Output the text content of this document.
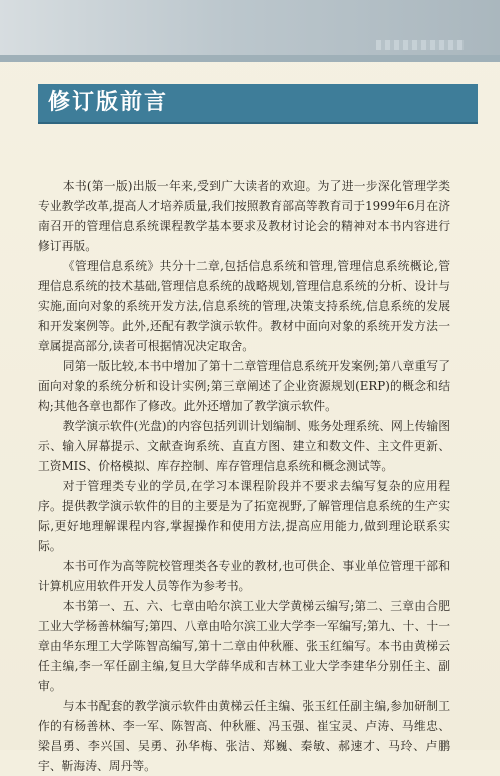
修订版前言

本书(第一版)出版一年来,受到广大读者的欢迎。为了进一步深化管理学类专业教学改革,提高人才培养质量,我们按照教育部高等教育司于1999年6月在济南召开的管理信息系统课程教学基本要求及教材讨论会的精神对本书内容进行修订再版。

《管理信息系统》共分十二章,包括信息系统和管理,管理信息系统概论,管理信息系统的技术基础,管理信息系统的战略规划,管理信息系统的分析、设计与实施,面向对象的系统开发方法,信息系统的管理,决策支持系统,信息系统的发展和开发案例等。此外,还配有教学演示软件。教材中面向对象的系统开发方法一章属提高部分,读者可根据情况决定取舍。

同第一版比较,本书中增加了第十二章管理信息系统开发案例;第八章重写了面向对象的系统分析和设计实例;第三章阐述了企业资源规划(ERP)的概念和结构;其他各章也都作了修改。此外还增加了教学演示软件。

教学演示软件(光盘)的内容包括列训计划编制、账务处理系统、网上传输图示、输入屏幕提示、文献查询系统、直直方图、建立和数文件、主文件更新、工资MIS、价格模拟、库存控制、库存管理信息系统和概念测试等。

对于管理类专业的学员,在学习本课程阶段并不要求去编写复杂的应用程序。提供教学演示软件的目的主要是为了拓宽视野,了解管理信息系统的生产实际,更好地理解课程内容,掌握操作和使用方法,提高应用能力,做到理论联系实际。

本书可作为高等院校管理类各专业的教材,也可供企、事业单位管理干部和计算机应用软件开发人员等作为参考书。

本书第一、五、六、七章由哈尔滨工业大学黄梯云编写;第二、三章由合肥工业大学杨善林编写;第四、八章由哈尔滨工业大学李一军编写;第九、十、十一章由华东理工大学陈智高编写,第十二章由仲秋雁、张玉红编写。本书由黄梯云任主编,李一军任副主编,复旦大学薛华成和吉林工业大学李建华分别任主、副审。

与本书配套的教学演示软件由黄梯云任主编、张玉红任副主编,参加研制工作的有杨善林、李一军、陈智高、仲秋雁、冯玉强、崔宝灵、卢涛、马维忠、梁昌勇、李兴国、吴勇、孙华梅、张洁、郑巍、秦敏、郝速才、马玲、卢鹏宇、靳海涛、周丹等。
